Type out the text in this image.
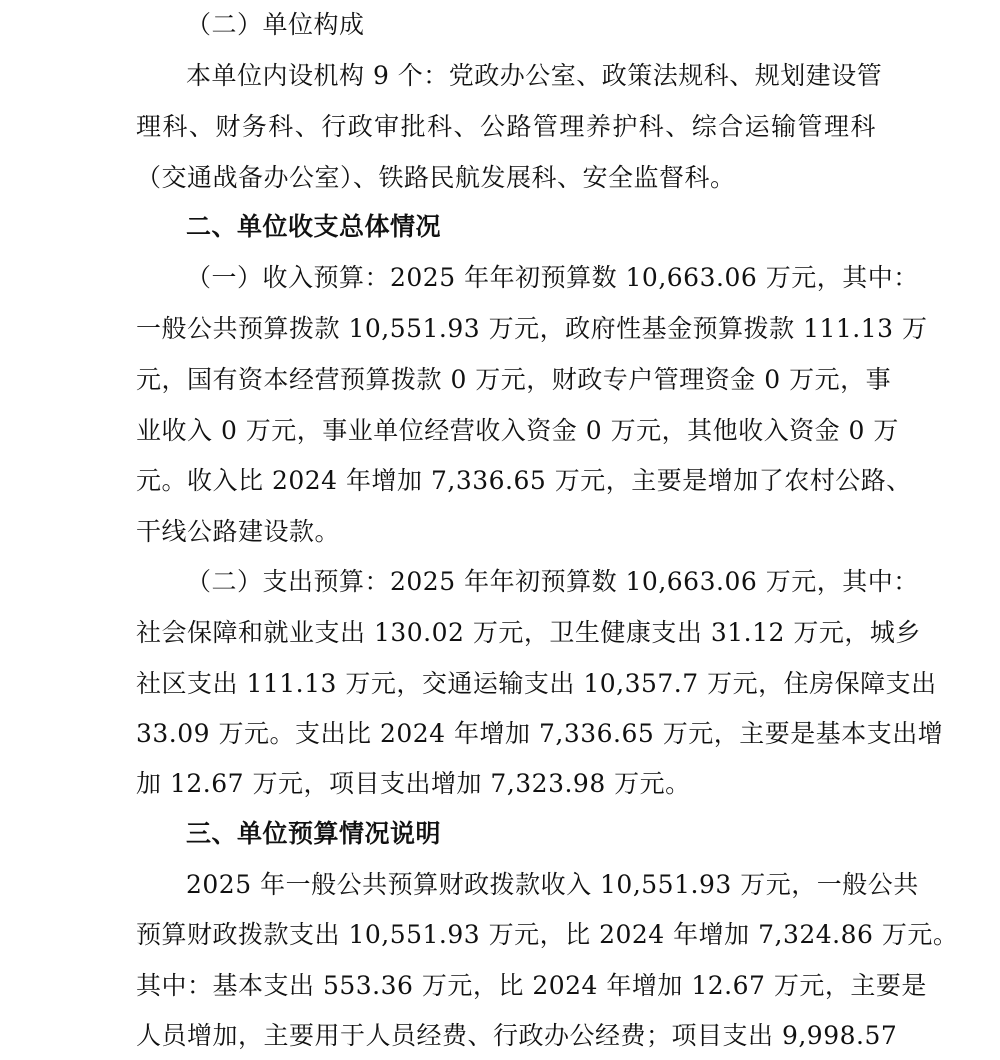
（二）单位构成
本单位内设机构 9 个：党政办公室、政策法规科、规划建设管
理科、财务科、行政审批科、公路管理养护科、综合运输管理科
（交通战备办公室）、铁路民航发展科、安全监督科。
二、单位收支总体情况
（一）收入预算：2025 年年初预算数 10,663.06 万元，其中：
一般公共预算拨款 10,551.93 万元，政府性基金预算拨款 111.13 万
元，国有资本经营预算拨款 0 万元，财政专户管理资金 0 万元，事
业收入 0 万元，事业单位经营收入资金 0 万元，其他收入资金 0 万
元。收入比 2024 年增加 7,336.65 万元，主要是增加了农村公路、
干线公路建设款。
（二）支出预算：2025 年年初预算数 10,663.06 万元，其中：
社会保障和就业支出 130.02 万元，卫生健康支出 31.12 万元，城乡
社区支出 111.13 万元，交通运输支出 10,357.7 万元，住房保障支出
33.09 万元。支出比 2024 年增加 7,336.65 万元，主要是基本支出增
加 12.67 万元，项目支出增加 7,323.98 万元。
三、单位预算情况说明
2025 年一般公共预算财政拨款收入 10,551.93 万元，一般公共
预算财政拨款支出 10,551.93 万元，比 2024 年增加 7,324.86 万元。
其中：基本支出 553.36 万元，比 2024 年增加 12.67 万元，主要是
人员增加，主要用于人员经费、行政办公经费；项目支出 9,998.57
